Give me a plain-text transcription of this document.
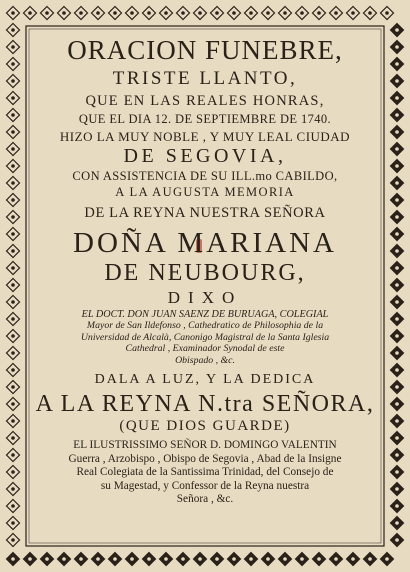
ORACION FUNEBRE,
TRISTE LLANTO,
QUE EN LAS REALES HONRAS,
QUE EL DIA 12. DE SEPTIEMBRE DE 1740.
HIZO LA MUY NOBLE , Y MUY LEAL CIUDAD
DE SEGOVIA,
CON ASSISTENCIA DE SU ILL.mo CABILDO,
A LA AUGUSTA MEMORIA
DE LA REYNA NUESTRA SEÑORA
DOÑA MARIANA
DE NEUBOURG,
DIXO
EL DOCT. DON JUAN SAENZ DE BURUAGA, COLEGIAL
Mayor de San Ildefonso , Cathedratico de Philosophia de la
Universidad de Alcalà, Canonigo Magistral de la Santa Iglesia
Cathedral , Examinador Synodal de este
Obispado , &c.
DALA A LUZ, Y LA DEDICA
A LA REYNA N.tra SEÑORA,
(QUE DIOS GUARDE)
EL ILUSTRISSIMO SEÑOR D. DOMINGO VALENTIN
Guerra , Arzobispo , Obispo de Segovia , Abad de la Insigne
Real Colegiata de la Santissima Trinidad, del Consejo de
su Magestad, y Confessor de la Reyna nuestra
Señora , &c.
